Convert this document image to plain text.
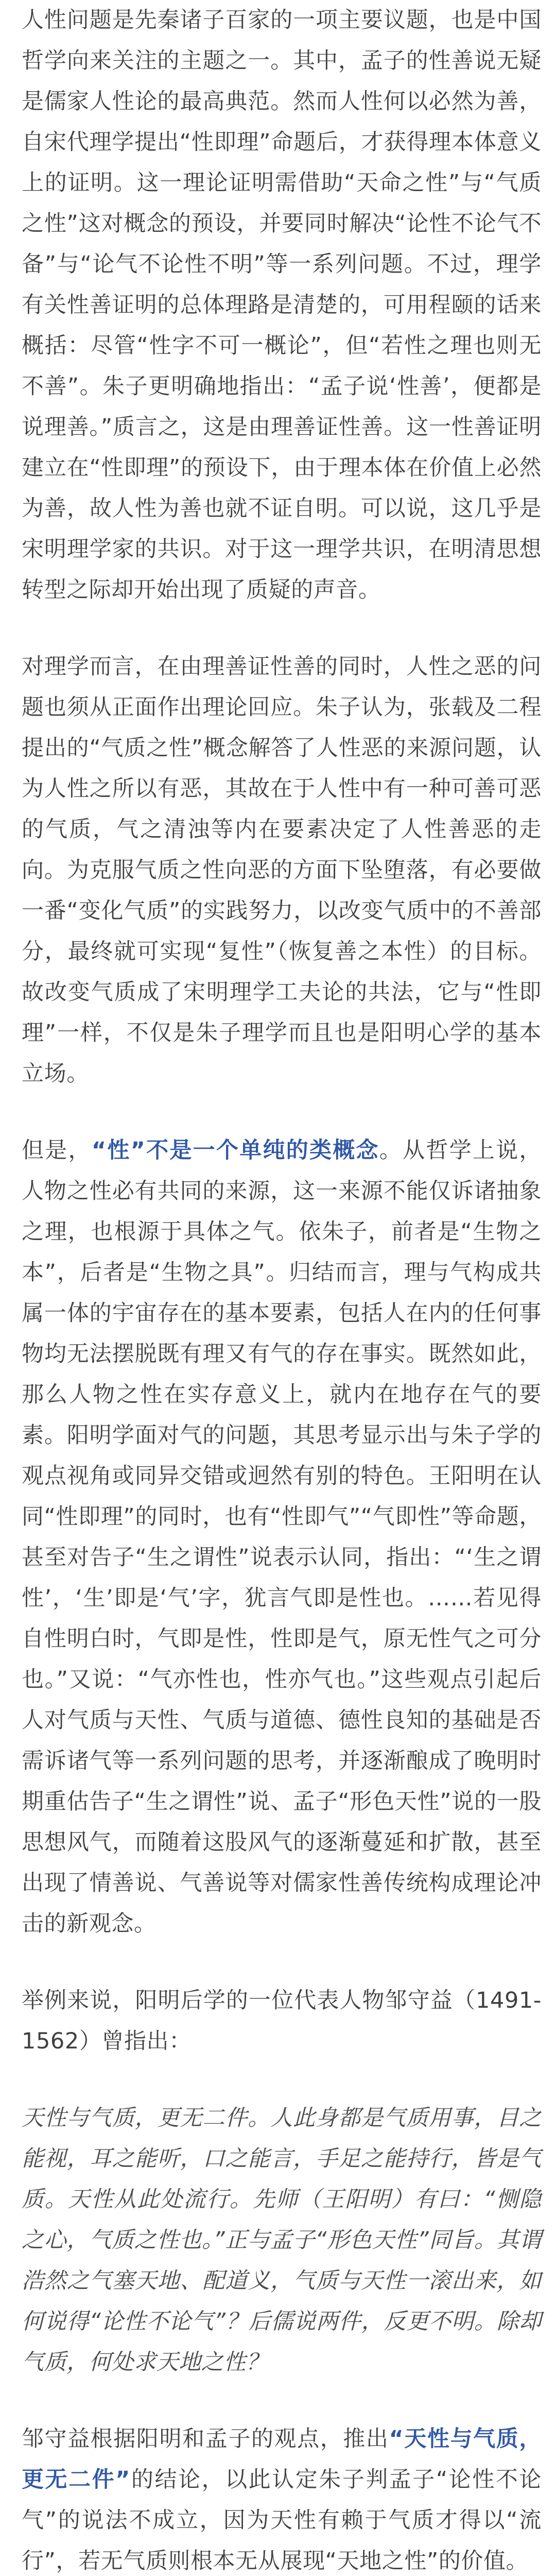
人性问题是先秦诸子百家的一项主要议题，也是中国哲学向来关注的主题之一。其中，孟子的性善说无疑是儒家人性论的最高典范。然而人性何以必然为善，自宋代理学提出“性即理”命题后，才获得理本体意义上的证明。这一理论证明需借助“天命之性”与“气质之性”这对概念的预设，并要同时解决“论性不论气不备”与“论气不论性不明”等一系列问题。不过，理学有关性善证明的总体理路是清楚的，可用程颐的话来概括：尽管“性字不可一概论”，但“若性之理也则无不善”。朱子更明确地指出：“孟子说‘性善’，便都是说理善。”质言之，这是由理善证性善。这一性善证明建立在“性即理”的预设下，由于理本体在价值上必然为善，故人性为善也就不证自明。可以说，这几乎是宋明理学家的共识。对于这一理学共识，在明清思想转型之际却开始出现了质疑的声音。

对理学而言，在由理善证性善的同时，人性之恶的问题也须从正面作出理论回应。朱子认为，张载及二程提出的“气质之性”概念解答了人性恶的来源问题，认为人性之所以有恶，其故在于人性中有一种可善可恶的气质，气之清浊等内在要素决定了人性善恶的走向。为克服气质之性向恶的方面下坠堕落，有必要做一番“变化气质”的实践努力，以改变气质中的不善部分，最终就可实现“复性”（恢复善之本性）的目标。故改变气质成了宋明理学工夫论的共法，它与“性即理”一样，不仅是朱子理学而且也是阳明心学的基本立场。

但是，“性”不是一个单纯的类概念。从哲学上说，人物之性必有共同的来源，这一来源不能仅诉诸抽象之理，也根源于具体之气。依朱子，前者是“生物之本”，后者是“生物之具”。归结而言，理与气构成共属一体的宇宙存在的基本要素，包括人在内的任何事物均无法摆脱既有理又有气的存在事实。既然如此，那么人物之性在实存意义上，就内在地存在气的要素。阳明学面对气的问题，其思考显示出与朱子学的观点视角或同异交错或迥然有别的特色。王阳明在认同“性即理”的同时，也有“性即气”“气即性”等命题，甚至对告子“生之谓性”说表示认同，指出：“‘生之谓性’，‘生’即是‘气’字，犹言气即是性也。……若见得自性明白时，气即是性，性即是气，原无性气之可分也。”又说：“气亦性也，性亦气也。”这些观点引起后人对气质与天性、气质与道德、德性良知的基础是否需诉诸气等一系列问题的思考，并逐渐酿成了晚明时期重估告子“生之谓性”说、孟子“形色天性”说的一股思想风气，而随着这股风气的逐渐蔓延和扩散，甚至出现了情善说、气善说等对儒家性善传统构成理论冲击的新观念。

举例来说，阳明后学的一位代表人物邹守益（1491-1562）曾指出：

天性与气质，更无二件。人此身都是气质用事，目之能视，耳之能听，口之能言，手足之能持行，皆是气质。天性从此处流行。先师（王阳明）有曰：“恻隐之心，气质之性也。”正与孟子“形色天性”同旨。其谓浩然之气塞天地、配道义，气质与天性一滚出来，如何说得“论性不论气”？后儒说两件，反更不明。除却气质，何处求天地之性？

邹守益根据阳明和孟子的观点，推出“天性与气质，更无二件”的结论，以此认定朱子判孟子“论性不论气”的说法不成立，因为天性有赖于气质才得以“流行”，若无气质则根本无从展现“天地之性”的价值。
